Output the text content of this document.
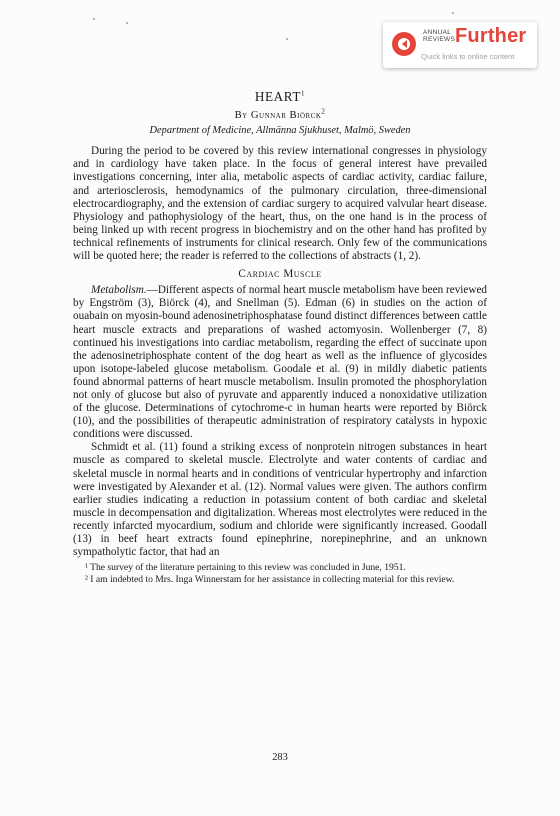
ANNUAL
REVIEWS Further
Quick links to online content
HEART$^1$
By Gunnar Biörck$^2$
Department of Medicine, Allmänna Sjukhuset, Malmö, Sweden

During the period to be covered by this review international congresses in physiology and in cardiology have taken place. In the focus of general interest have prevailed investigations concerning, inter alia, metabolic aspects of cardiac activity, cardiac failure, and arteriosclerosis, hemodynamics of the pulmonary circulation, three-dimensional electrocardiography, and the extension of cardiac surgery to acquired valvular heart disease. Physiology and pathophysiology of the heart, thus, on the one hand is in the process of being linked up with recent progress in biochemistry and on the other hand has profited by technical refinements of instruments for clinical research. Only few of the communications will be quoted here; the reader is referred to the collections of abstracts (1, 2).

Cardiac Muscle

Metabolism.—Different aspects of normal heart muscle metabolism have been reviewed by Engström (3), Biörck (4), and Snellman (5). Edman (6) in studies on the action of ouabain on myosin-bound adenosinetriphosphatase found distinct differences between cattle heart muscle extracts and preparations of washed actomyosin. Wollenberger (7, 8) continued his investigations into cardiac metabolism, regarding the effect of succinate upon the adenosinetriphosphate content of the dog heart as well as the influence of glycosides upon isotope-labeled glucose metabolism. Goodale et al. (9) in mildly diabetic patients found abnormal patterns of heart muscle metabolism. Insulin promoted the phosphorylation not only of glucose but also of pyruvate and apparently induced a nonoxidative utilization of the glucose. Determinations of cytochrome-c in human hearts were reported by Biörck (10), and the possibilities of therapeutic administration of respiratory catalysts in hypoxic conditions were discussed.

Schmidt et al. (11) found a striking excess of nonprotein nitrogen substances in heart muscle as compared to skeletal muscle. Electrolyte and water contents of cardiac and skeletal muscle in normal hearts and in conditions of ventricular hypertrophy and infarction were investigated by Alexander et al. (12). Normal values were given. The authors confirm earlier studies indicating a reduction in potassium content of both cardiac and skeletal muscle in decompensation and digitalization. Whereas most electrolytes were reduced in the recently infarcted myocardium, sodium and chloride were significantly increased. Goodall (13) in beef heart extracts found epinephrine, norepinephrine, and an unknown sympatholytic factor, that had an

¹ The survey of the literature pertaining to this review was concluded in June, 1951.

² I am indebted to Mrs. Inga Winnerstam for her assistance in collecting material for this review.

283
